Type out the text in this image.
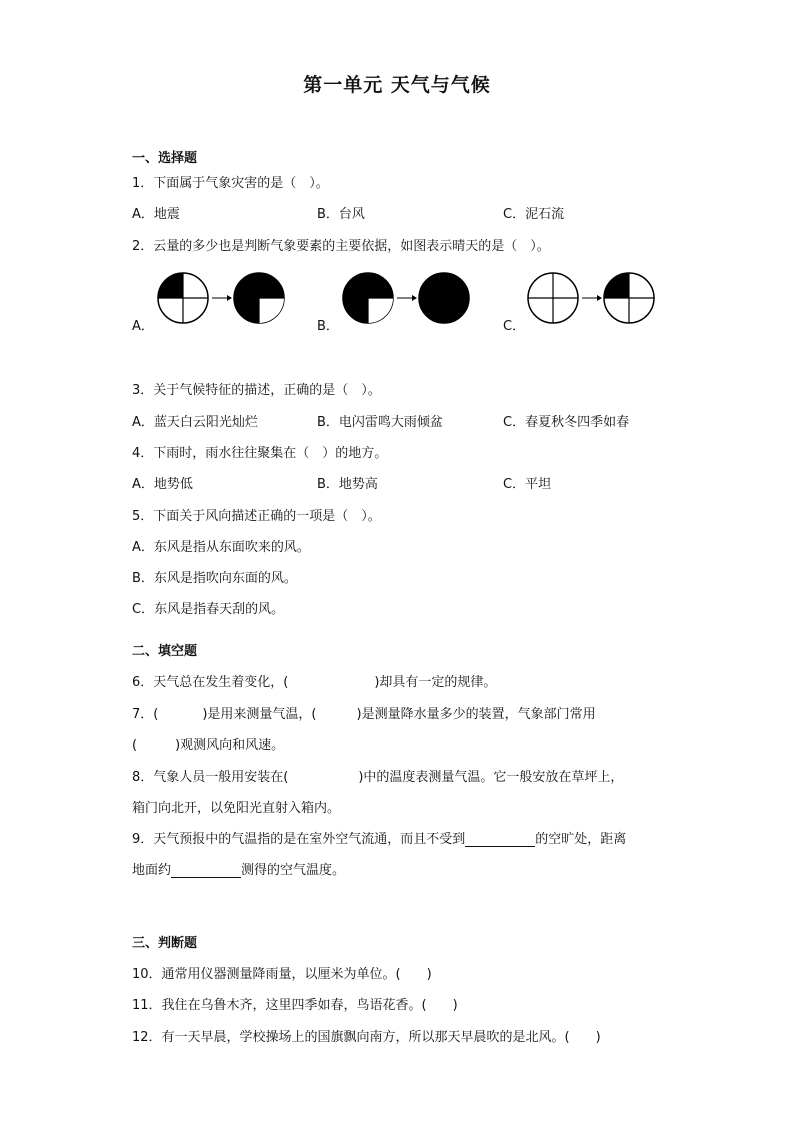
第一单元 天气与气候
一、选择题
1．下面属于气象灾害的是（　）。
A．地震	B．台风	C．泥石流
2．云量的多少也是判断气象要素的主要依据，如图表示晴天的是（　）。
A．	B．	C．
3．关于气候特征的描述，正确的是（　）。
A．蓝天白云阳光灿烂	B．电闪雷鸣大雨倾盆	C．春夏秋冬四季如春
4．下雨时，雨水往往聚集在（　）的地方。
A．地势低	B．地势高	C．平坦
5．下面关于风向描述正确的一项是（　）。
A．东风是指从东面吹来的风。
B．东风是指吹向东面的风。
C．东风是指春天刮的风。
二、填空题
6．天气总在发生着变化，(	)却具有一定的规律。
7．(	)是用来测量气温，(	)是测量降水量多少的装置，气象部门常用
(	)观测风向和风速。
8．气象人员一般用安装在(	)中的温度表测量气温。它一般安放在草坪上，
箱门向北开，以免阳光直射入箱内。
9．天气预报中的气温指的是在室外空气流通，而且不受到	的空旷处，距离
地面约	测得的空气温度。
三、判断题
10．通常用仪器测量降雨量，以厘米为单位。(　　)
11．我住在乌鲁木齐，这里四季如春，鸟语花香。(　　)
12．有一天早晨，学校操场上的国旗飘向南方，所以那天早晨吹的是北风。(　　)
